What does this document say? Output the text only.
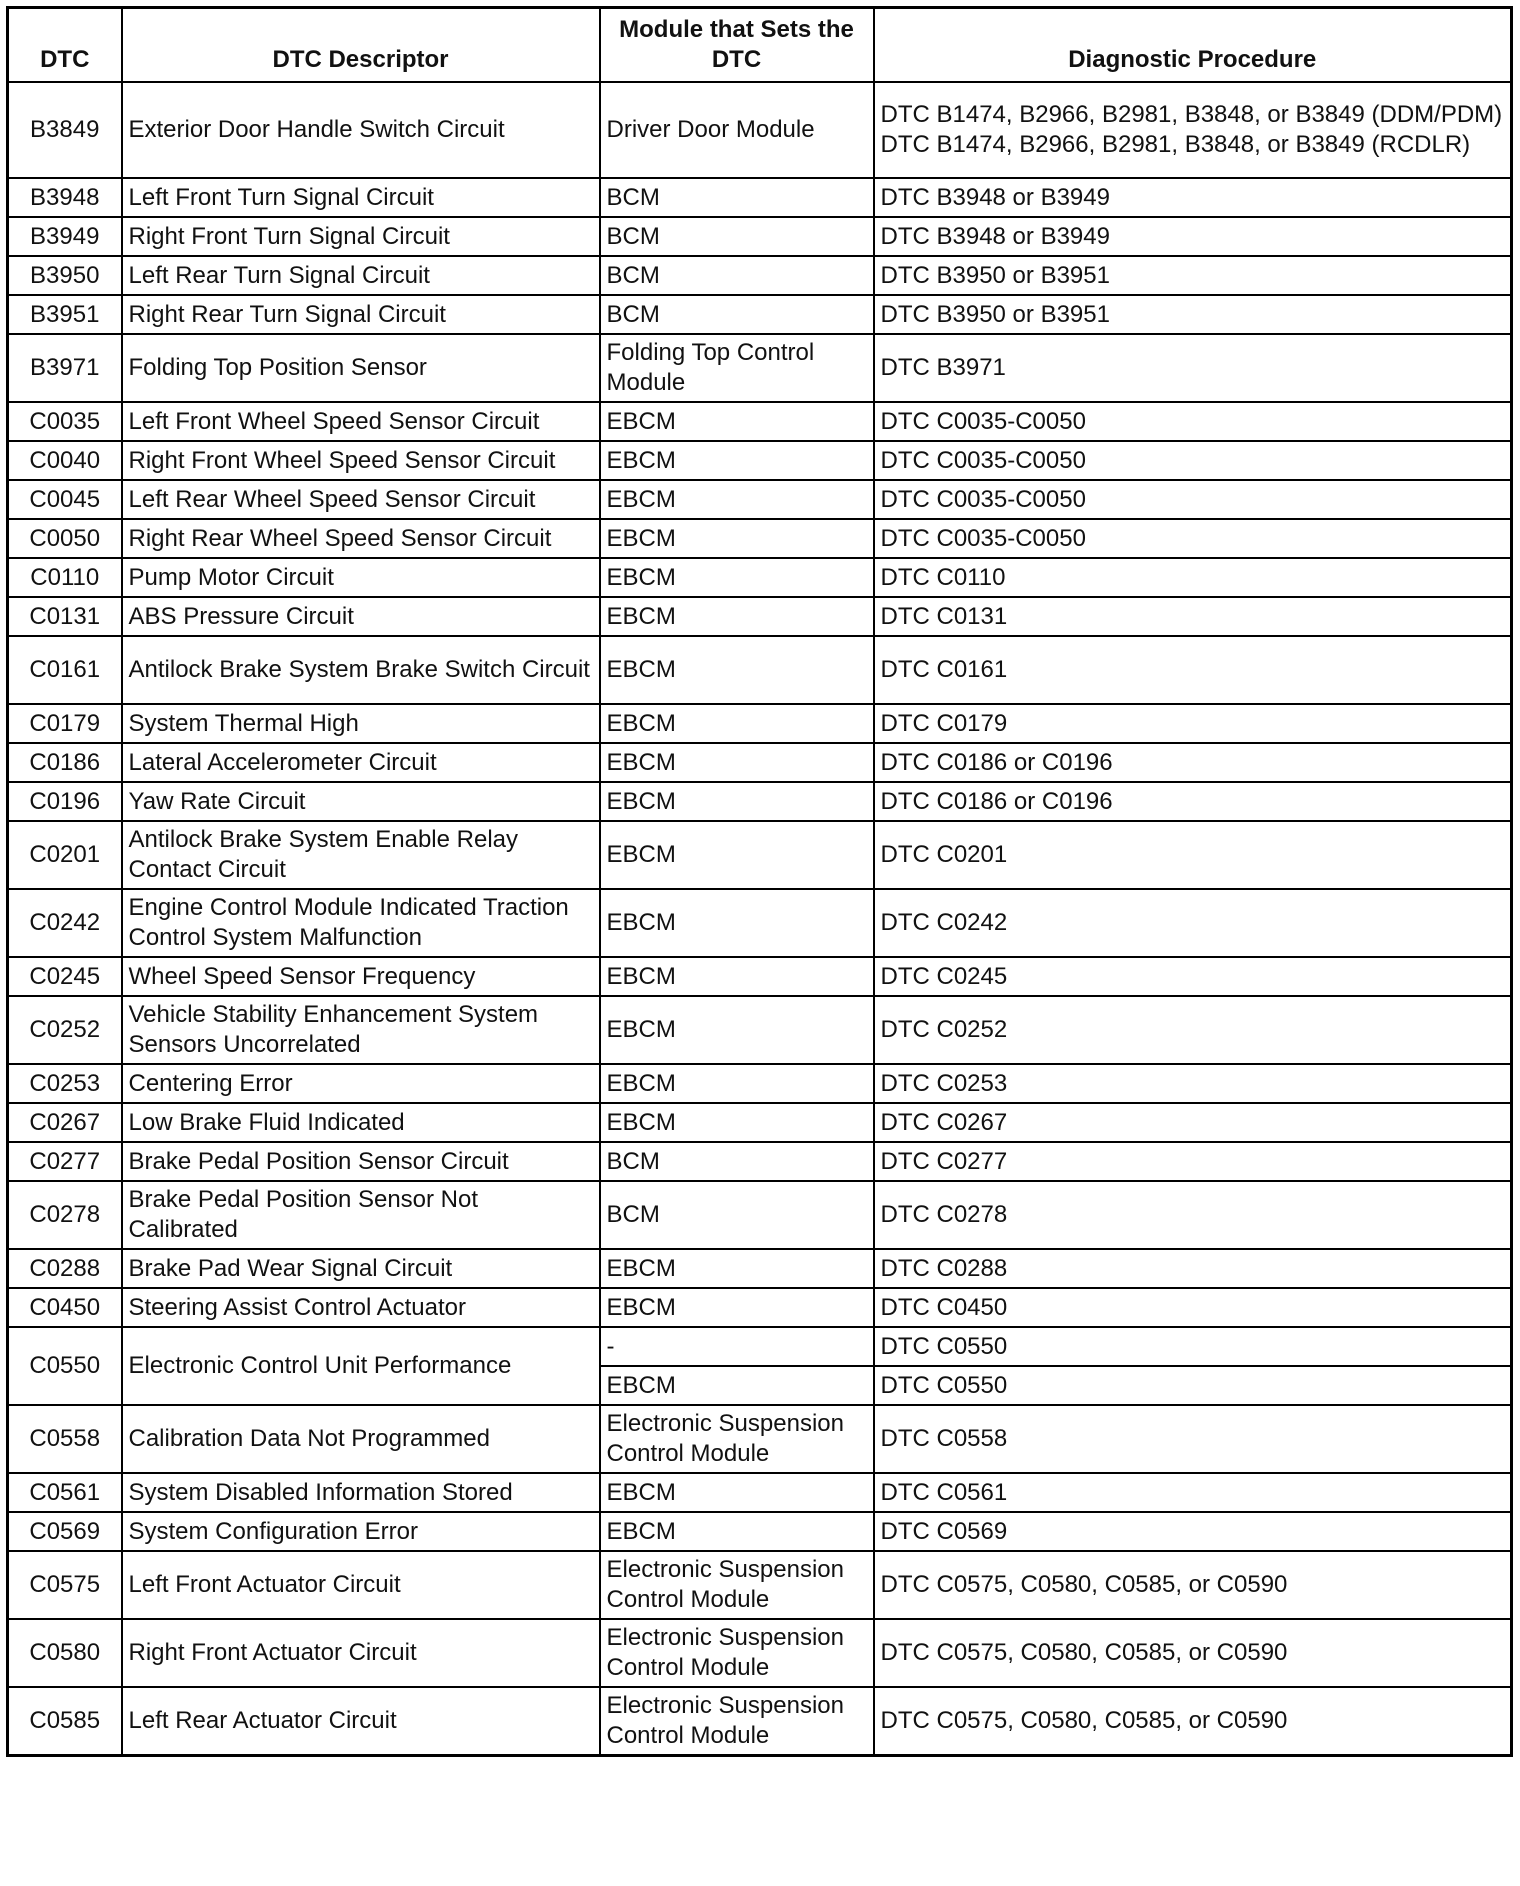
DTC	DTC Descriptor	Module that Sets the DTC	Diagnostic Procedure
B3849	Exterior Door Handle Switch Circuit	Driver Door Module	DTC B1474, B2966, B2981, B3848, or B3849 (DDM/PDM) DTC B1474, B2966, B2981, B3848, or B3849 (RCDLR)
B3948	Left Front Turn Signal Circuit	BCM	DTC B3948 or B3949
B3949	Right Front Turn Signal Circuit	BCM	DTC B3948 or B3949
B3950	Left Rear Turn Signal Circuit	BCM	DTC B3950 or B3951
B3951	Right Rear Turn Signal Circuit	BCM	DTC B3950 or B3951
B3971	Folding Top Position Sensor	Folding Top Control Module	DTC B3971
C0035	Left Front Wheel Speed Sensor Circuit	EBCM	DTC C0035-C0050
C0040	Right Front Wheel Speed Sensor Circuit	EBCM	DTC C0035-C0050
C0045	Left Rear Wheel Speed Sensor Circuit	EBCM	DTC C0035-C0050
C0050	Right Rear Wheel Speed Sensor Circuit	EBCM	DTC C0035-C0050
C0110	Pump Motor Circuit	EBCM	DTC C0110
C0131	ABS Pressure Circuit	EBCM	DTC C0131
C0161	Antilock Brake System Brake Switch Circuit	EBCM	DTC C0161
C0179	System Thermal High	EBCM	DTC C0179
C0186	Lateral Accelerometer Circuit	EBCM	DTC C0186 or C0196
C0196	Yaw Rate Circuit	EBCM	DTC C0186 or C0196
C0201	Antilock Brake System Enable Relay Contact Circuit	EBCM	DTC C0201
C0242	Engine Control Module Indicated Traction Control System Malfunction	EBCM	DTC C0242
C0245	Wheel Speed Sensor Frequency	EBCM	DTC C0245
C0252	Vehicle Stability Enhancement System Sensors Uncorrelated	EBCM	DTC C0252
C0253	Centering Error	EBCM	DTC C0253
C0267	Low Brake Fluid Indicated	EBCM	DTC C0267
C0277	Brake Pedal Position Sensor Circuit	BCM	DTC C0277
C0278	Brake Pedal Position Sensor Not Calibrated	BCM	DTC C0278
C0288	Brake Pad Wear Signal Circuit	EBCM	DTC C0288
C0450	Steering Assist Control Actuator	EBCM	DTC C0450
C0550	Electronic Control Unit Performance	-	DTC C0550
		EBCM	DTC C0550
C0558	Calibration Data Not Programmed	Electronic Suspension Control Module	DTC C0558
C0561	System Disabled Information Stored	EBCM	DTC C0561
C0569	System Configuration Error	EBCM	DTC C0569
C0575	Left Front Actuator Circuit	Electronic Suspension Control Module	DTC C0575, C0580, C0585, or C0590
C0580	Right Front Actuator Circuit	Electronic Suspension Control Module	DTC C0575, C0580, C0585, or C0590
C0585	Left Rear Actuator Circuit	Electronic Suspension Control Module	DTC C0575, C0580, C0585, or C0590
